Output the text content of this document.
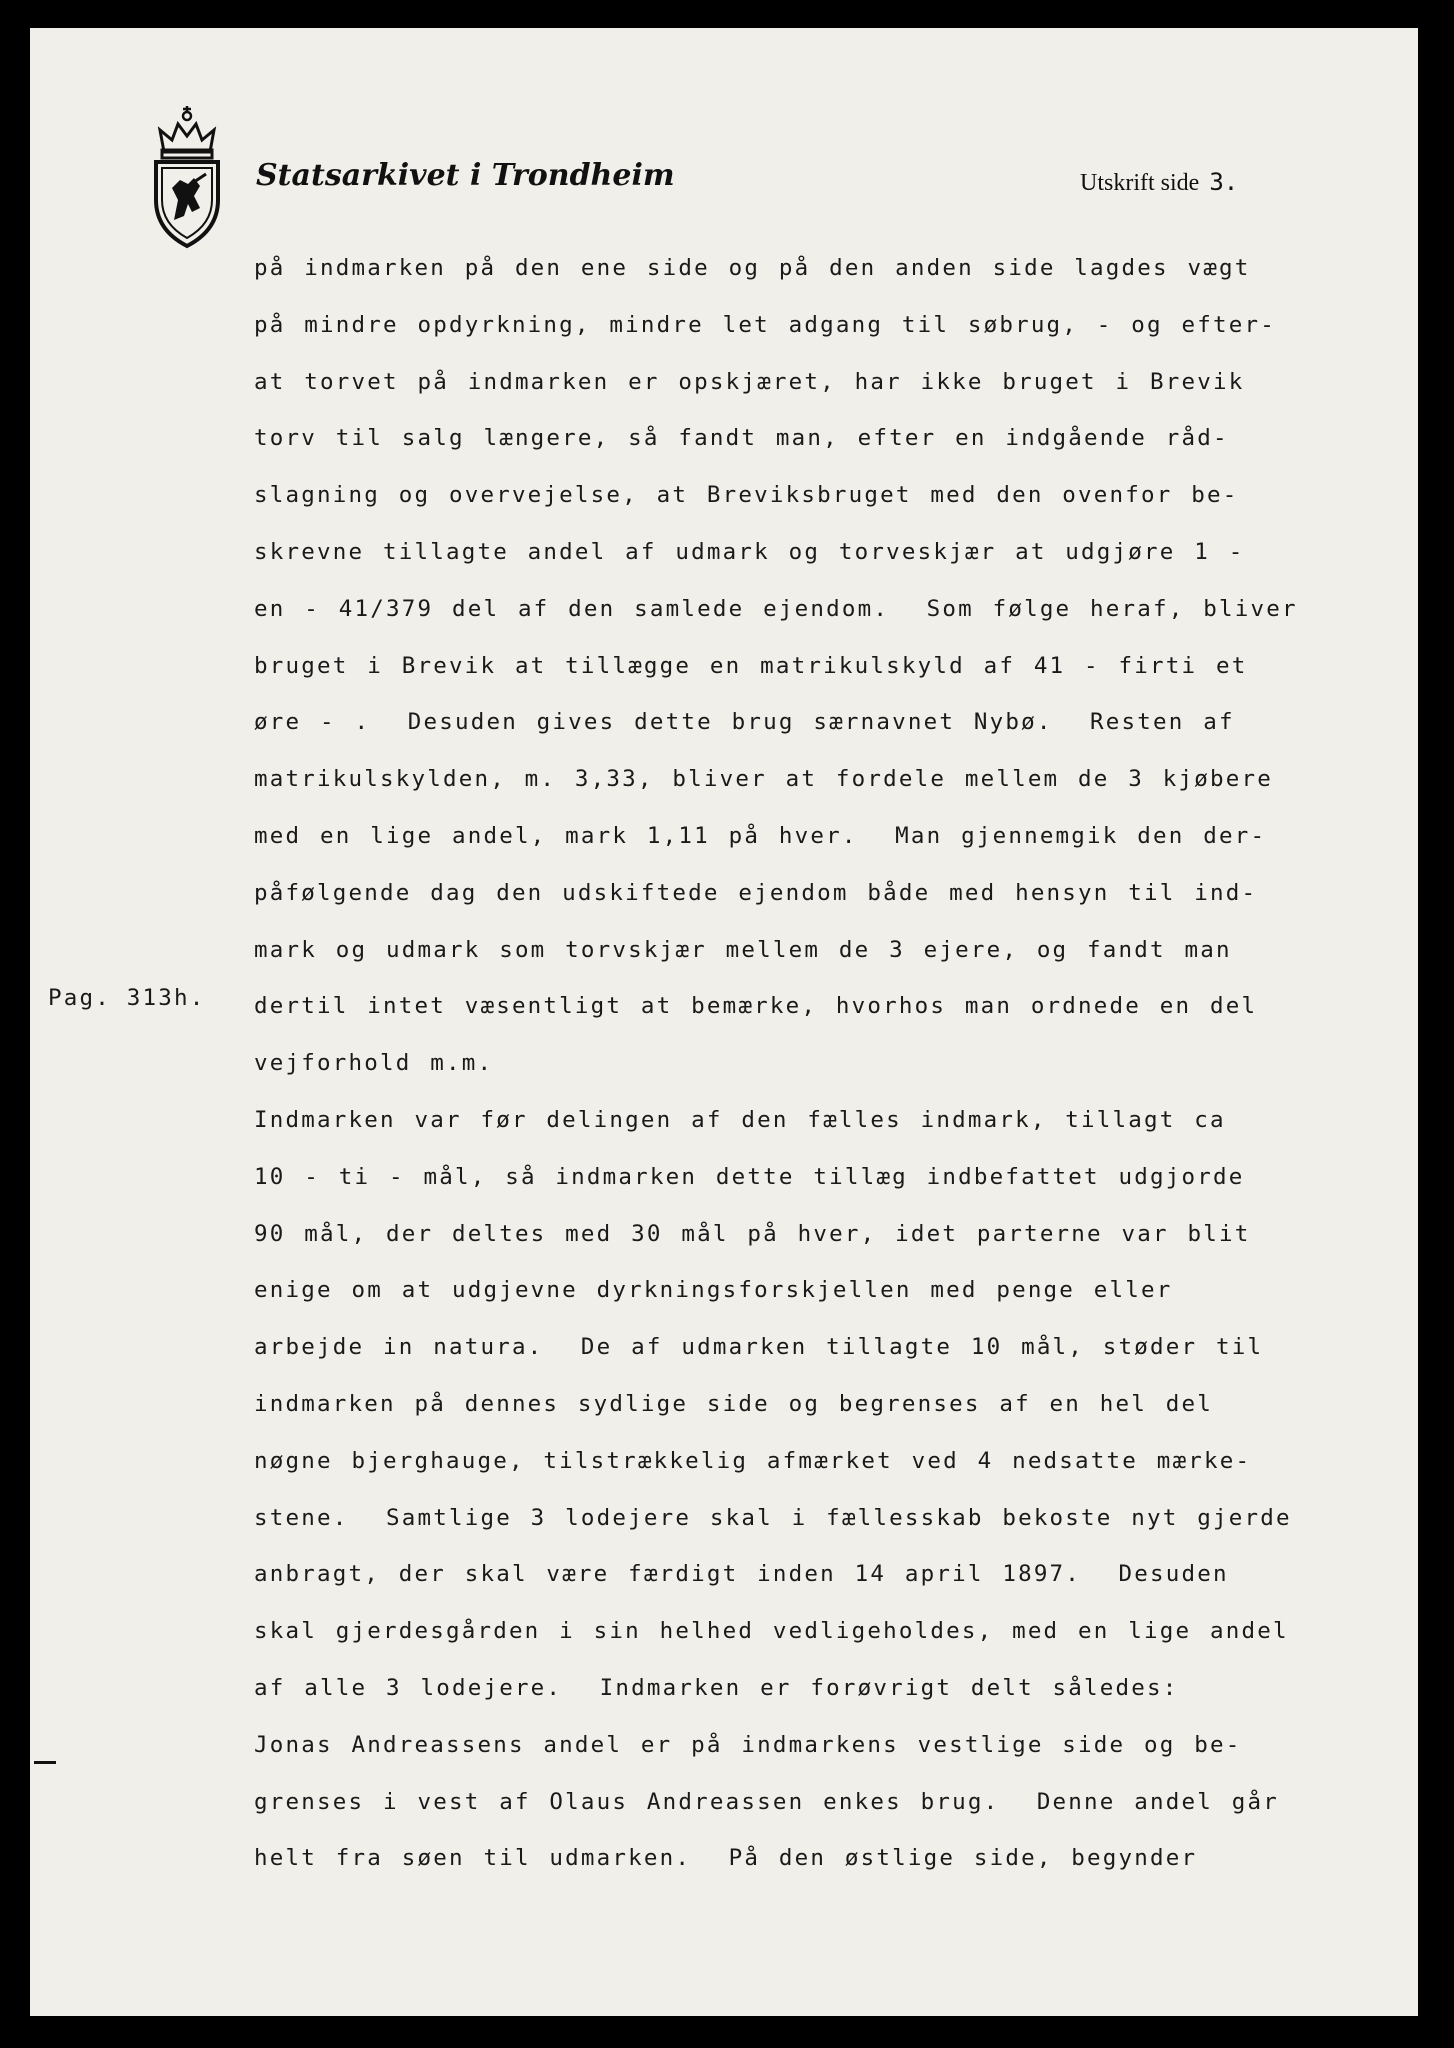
Statsarkivet i Trondheim	Utskrift side 3.
Pag. 313h.
på indmarken på den ene side og på den anden side lagdes vægt
på mindre opdyrkning, mindre let adgang til søbrug, - og efter-
at torvet på indmarken er opskjæret, har ikke bruget i Brevik
torv til salg længere, så fandt man, efter en indgående råd-
slagning og overvejelse, at Breviksbruget med den ovenfor be-
skrevne tillagte andel af udmark og torveskjær at udgjøre 1 -
en - 41/379 del af den samlede ejendom.  Som følge heraf, bliver
bruget i Brevik at tillægge en matrikulskyld af 41 - firti et
øre - .  Desuden gives dette brug særnavnet Nybø.  Resten af
matrikulskylden, m. 3,33, bliver at fordele mellem de 3 kjøbere
med en lige andel, mark 1,11 på hver.  Man gjennemgik den der-
påfølgende dag den udskiftede ejendom både med hensyn til ind-
mark og udmark som torvskjær mellem de 3 ejere, og fandt man
dertil intet væsentligt at bemærke, hvorhos man ordnede en del
vejforhold m.m.
Indmarken var før delingen af den fælles indmark, tillagt ca
10 - ti - mål, så indmarken dette tillæg indbefattet udgjorde
90 mål, der deltes med 30 mål på hver, idet parterne var blit
enige om at udgjevne dyrkningsforskjellen med penge eller
arbejde in natura.  De af udmarken tillagte 10 mål, støder til
indmarken på dennes sydlige side og begrenses af en hel del
nøgne bjerghauge, tilstrækkelig afmærket ved 4 nedsatte mærke-
stene.  Samtlige 3 lodejere skal i fællesskab bekoste nyt gjerde
anbragt, der skal være færdigt inden 14 april 1897.  Desuden
skal gjerdesgården i sin helhed vedligeholdes, med en lige andel
af alle 3 lodejere.  Indmarken er forøvrigt delt således:
Jonas Andreassens andel er på indmarkens vestlige side og be-
grenses i vest af Olaus Andreassen enkes brug.  Denne andel går
helt fra søen til udmarken.  På den østlige side, begynder
